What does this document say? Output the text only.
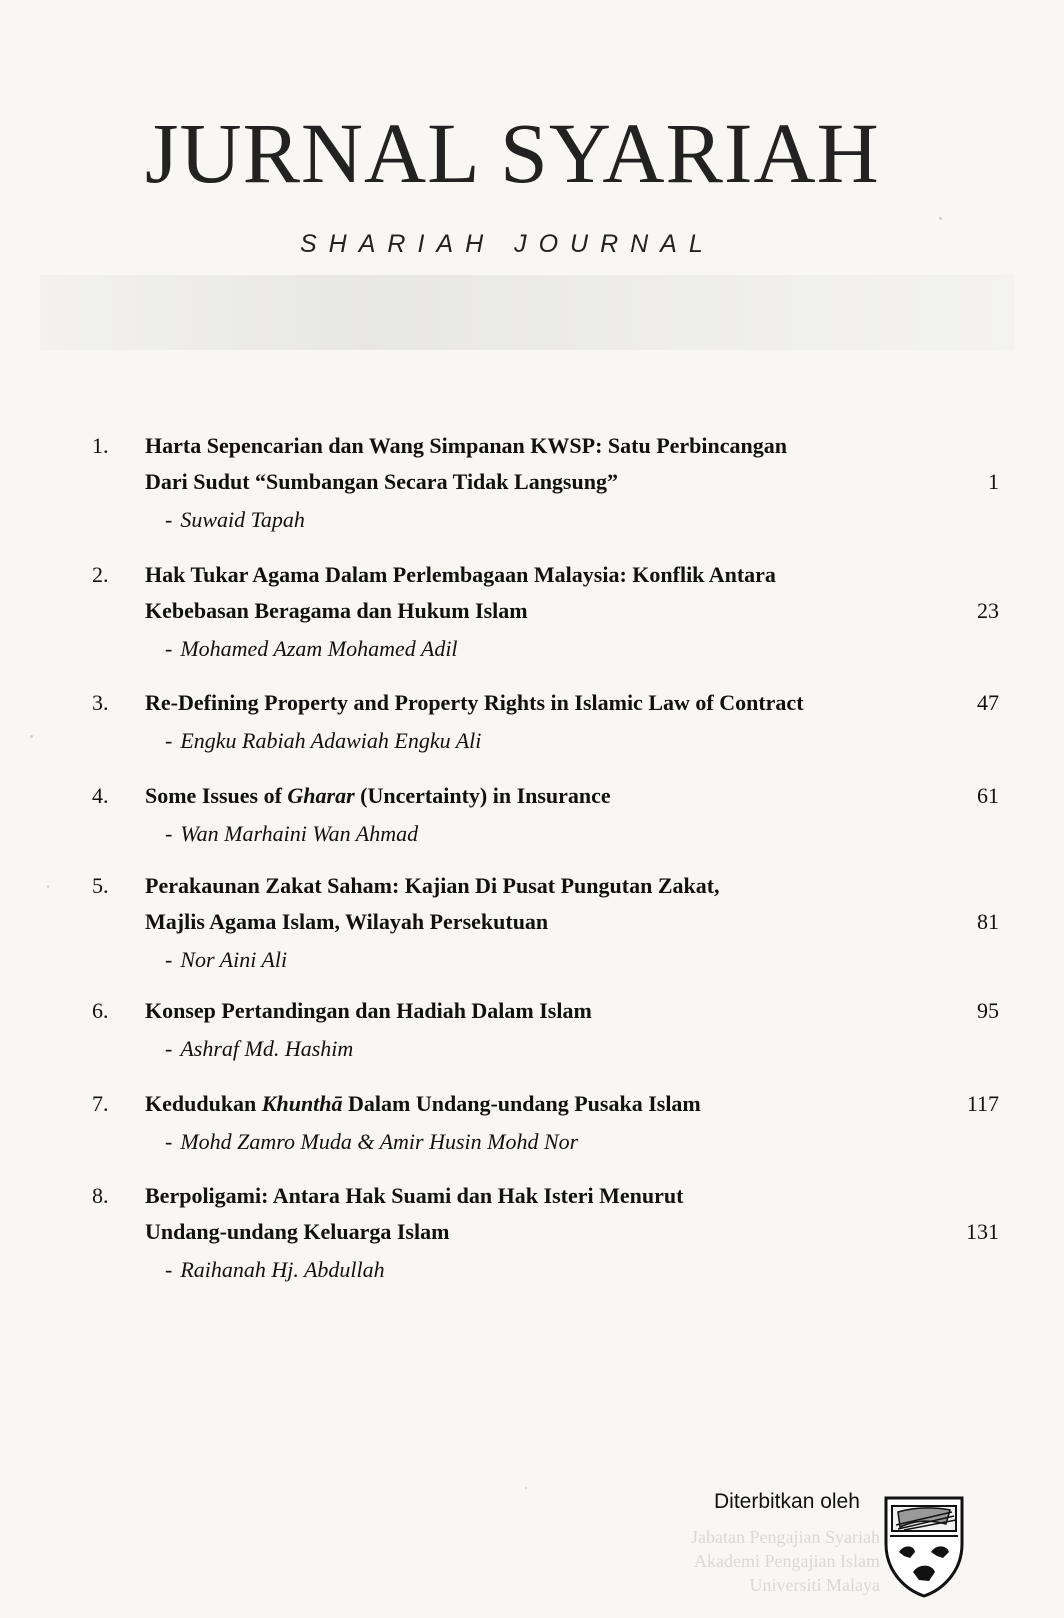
JURNAL SYARIAH
SHARIAH JOURNAL
1.	Harta Sepencarian dan Wang Simpanan KWSP: Satu Perbincangan
Dari Sudut “Sumbangan Secara Tidak Langsung”	1
- Suwaid Tapah
2.	Hak Tukar Agama Dalam Perlembagaan Malaysia: Konflik Antara
Kebebasan Beragama dan Hukum Islam	23
- Mohamed Azam Mohamed Adil
3.	Re-Defining Property and Property Rights in Islamic Law of Contract	47
- Engku Rabiah Adawiah Engku Ali
4.	Some Issues of Gharar (Uncertainty) in Insurance	61
- Wan Marhaini Wan Ahmad
5.	Perakaunan Zakat Saham: Kajian Di Pusat Pungutan Zakat,
Majlis Agama Islam, Wilayah Persekutuan	81
- Nor Aini Ali
6.	Konsep Pertandingan dan Hadiah Dalam Islam	95
- Ashraf Md. Hashim
7.	Kedudukan Khunthā Dalam Undang-undang Pusaka Islam	117
- Mohd Zamro Muda & Amir Husin Mohd Nor
8.	Berpoligami: Antara Hak Suami dan Hak Isteri Menurut
Undang-undang Keluarga Islam	131
- Raihanah Hj. Abdullah
Diterbitkan oleh
Jabatan Pengajian Syariah
Akademi Pengajian Islam
Universiti Malaya
